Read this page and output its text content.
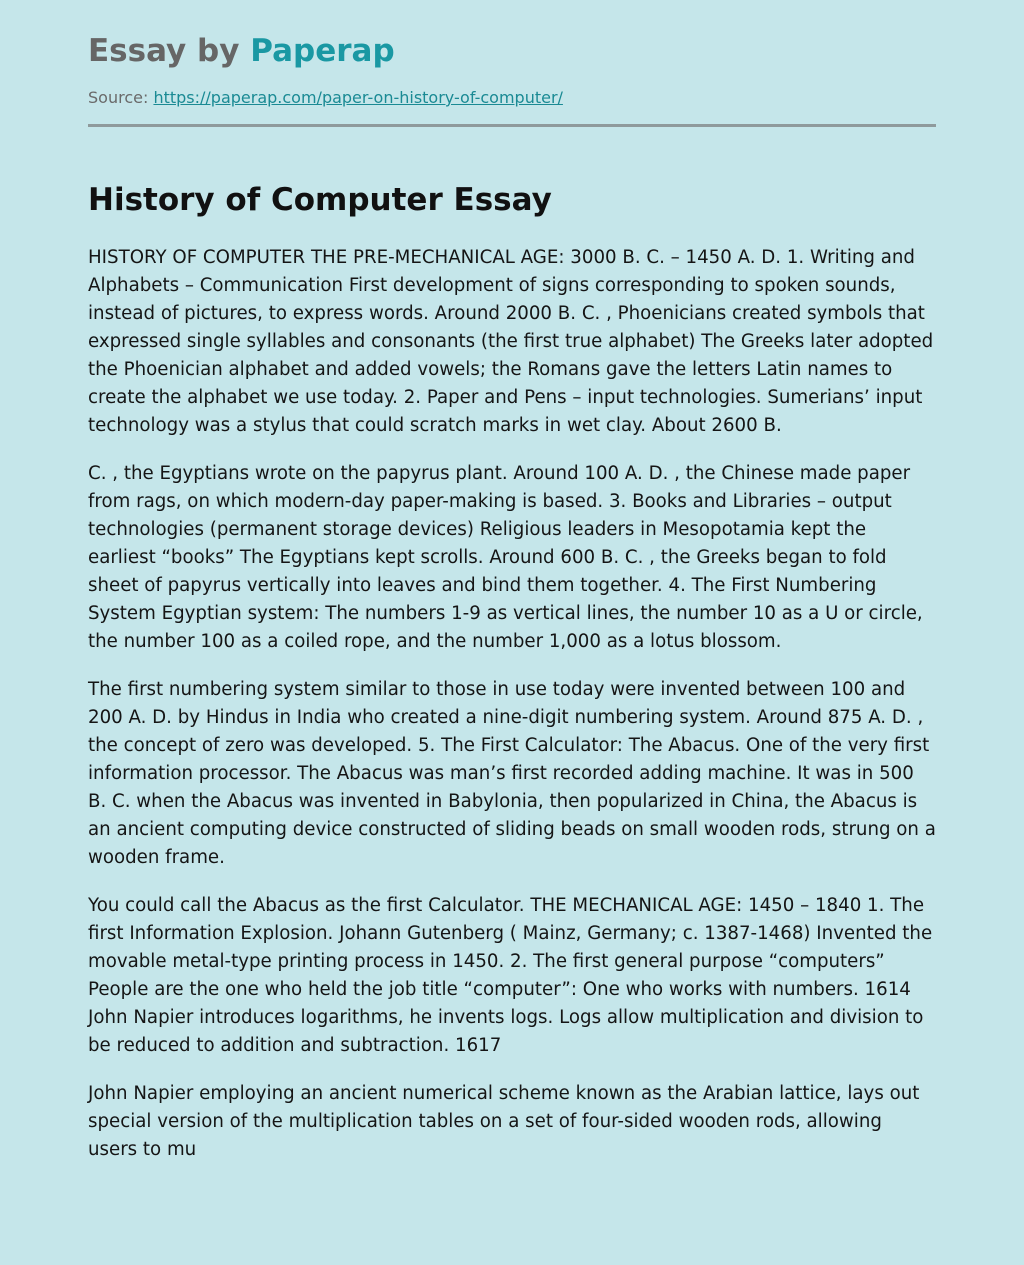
Essay by Paperap
Source: https://paperap.com/paper-on-history-of-computer/
History of Computer Essay

HISTORY OF COMPUTER THE PRE-MECHANICAL AGE: 3000 B. C. – 1450 A. D. 1. Writing and Alphabets – Communication First development of signs corresponding to spoken sounds, instead of pictures, to express words. Around 2000 B. C. , Phoenicians created symbols that expressed single syllables and consonants (the first true alphabet) The Greeks later adopted the Phoenician alphabet and added vowels; the Romans gave the letters Latin names to create the alphabet we use today. 2. Paper and Pens – input technologies. Sumerians’ input technology was a stylus that could scratch marks in wet clay. About 2600 B.

C. , the Egyptians wrote on the papyrus plant. Around 100 A. D. , the Chinese made paper from rags, on which modern-day paper-making is based. 3. Books and Libraries – output technologies (permanent storage devices) Religious leaders in Mesopotamia kept the earliest “books” The Egyptians kept scrolls. Around 600 B. C. , the Greeks began to fold sheet of papyrus vertically into leaves and bind them together. 4. The First Numbering System Egyptian system: The numbers 1-9 as vertical lines, the number 10 as a U or circle, the number 100 as a coiled rope, and the number 1,000 as a lotus blossom.

The first numbering system similar to those in use today were invented between 100 and 200 A. D. by Hindus in India who created a nine-digit numbering system. Around 875 A. D. , the concept of zero was developed. 5. The First Calculator: The Abacus. One of the very first information processor. The Abacus was man’s first recorded adding machine. It was in 500 B. C. when the Abacus was invented in Babylonia, then popularized in China, the Abacus is an ancient computing device constructed of sliding beads on small wooden rods, strung on a wooden frame.

You could call the Abacus as the first Calculator. THE MECHANICAL AGE: 1450 – 1840 1. The first Information Explosion. Johann Gutenberg ( Mainz, Germany; c. 1387-1468) Invented the movable metal-type printing process in 1450. 2. The first general purpose “computers” People are the one who held the job title “computer”: One who works with numbers. 1614 John Napier introduces logarithms, he invents logs. Logs allow multiplication and division to be reduced to addition and subtraction. 1617

John Napier employing an ancient numerical scheme known as the Arabian lattice, lays out special version of the multiplication tables on a set of four-sided wooden rods, allowing users to mu
